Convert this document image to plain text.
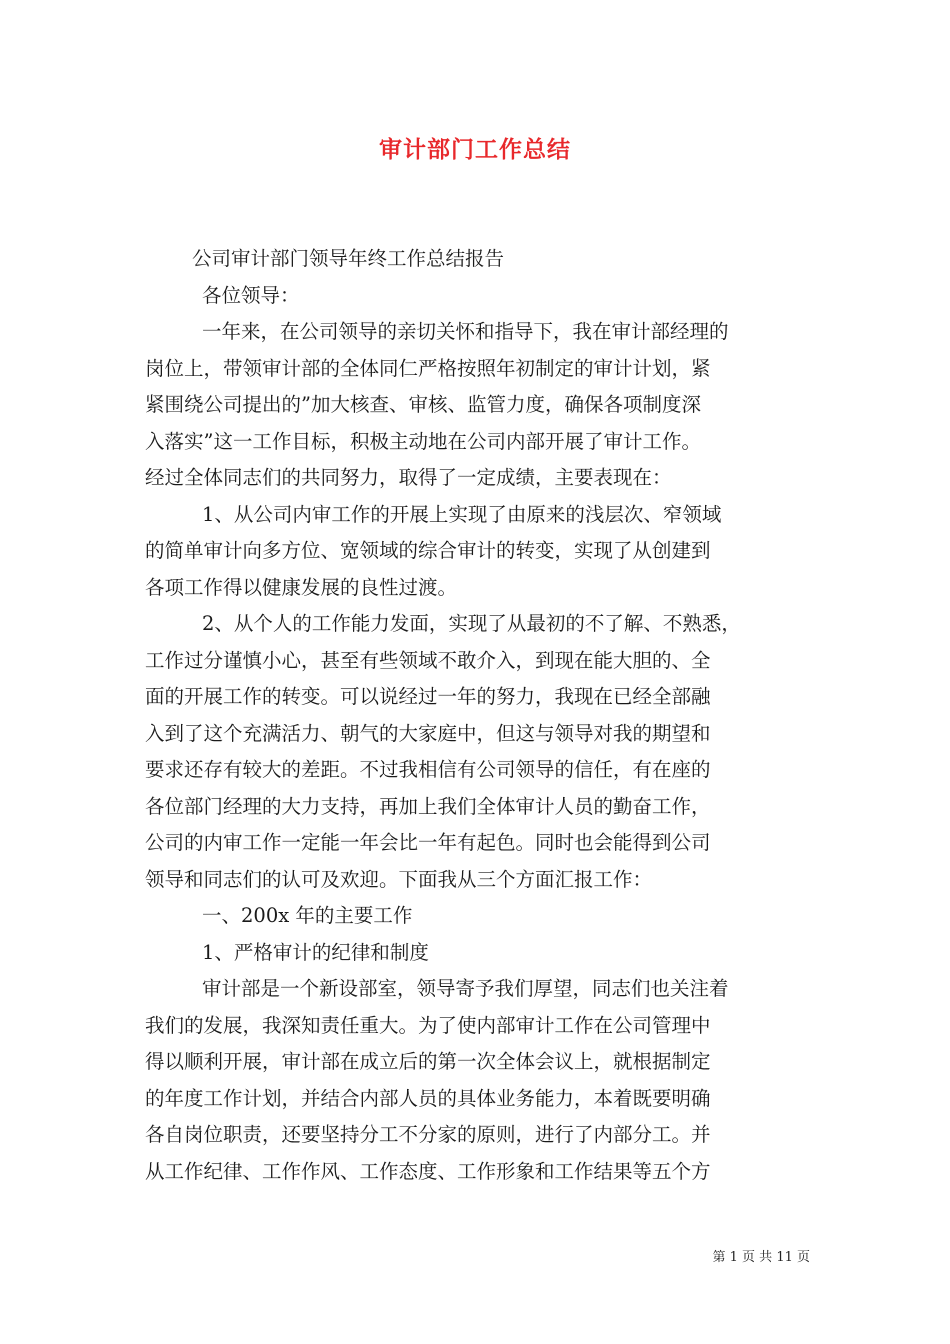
审计部门工作总结
公司审计部门领导年终工作总结报告
各位领导：
一年来，在公司领导的亲切关怀和指导下，我在审计部经理的
岗位上，带领审计部的全体同仁严格按照年初制定的审计计划，紧
紧围绕公司提出的”加大核查、审核、监管力度，确保各项制度深
入落实”这一工作目标，积极主动地在公司内部开展了审计工作。
经过全体同志们的共同努力，取得了一定成绩，主要表现在：
1、从公司内审工作的开展上实现了由原来的浅层次、窄领域
的简单审计向多方位、宽领域的综合审计的转变，实现了从创建到
各项工作得以健康发展的良性过渡。
2、从个人的工作能力发面，实现了从最初的不了解、不熟悉，
工作过分谨慎小心，甚至有些领域不敢介入，到现在能大胆的、全
面的开展工作的转变。可以说经过一年的努力，我现在已经全部融
入到了这个充满活力、朝气的大家庭中，但这与领导对我的期望和
要求还存有较大的差距。不过我相信有公司领导的信任，有在座的
各位部门经理的大力支持，再加上我们全体审计人员的勤奋工作，
公司的内审工作一定能一年会比一年有起色。同时也会能得到公司
领导和同志们的认可及欢迎。下面我从三个方面汇报工作：
一、200x 年的主要工作
1、严格审计的纪律和制度
审计部是一个新设部室，领导寄予我们厚望，同志们也关注着
我们的发展，我深知责任重大。为了使内部审计工作在公司管理中
得以顺利开展，审计部在成立后的第一次全体会议上，就根据制定
的年度工作计划，并结合内部人员的具体业务能力，本着既要明确
各自岗位职责，还要坚持分工不分家的原则，进行了内部分工。并
从工作纪律、工作作风、工作态度、工作形象和工作结果等五个方
第 1 页 共 11 页
